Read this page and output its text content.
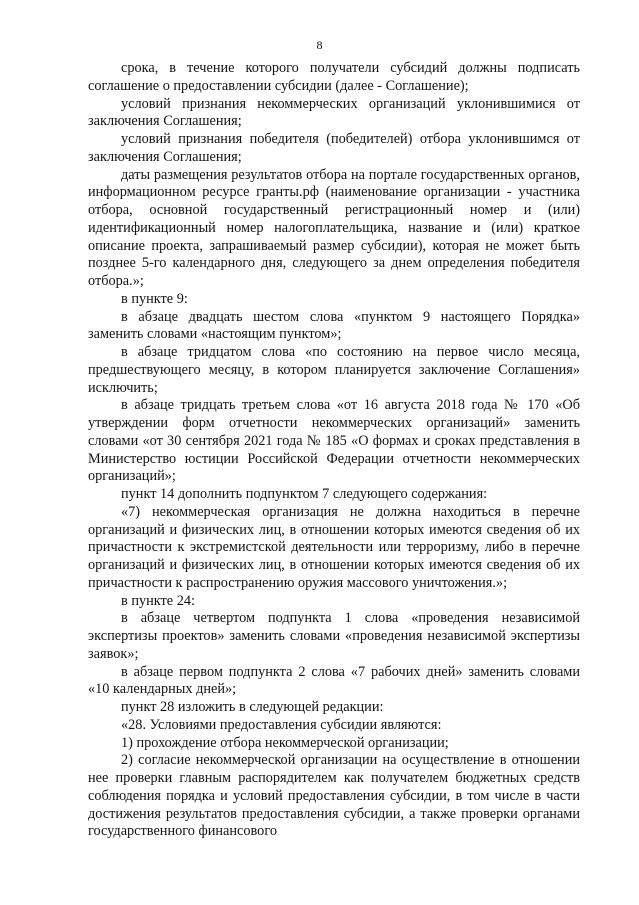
8

срока, в течение которого получатели субсидий должны подписать соглашение о предоставлении субсидии (далее - Соглашение);

условий признания некоммерческих организаций уклонившимися от заключения Соглашения;

условий признания победителя (победителей) отбора уклонившимся от заключения Соглашения;

даты размещения результатов отбора на портале государственных органов, информационном ресурсе гранты.рф (наименование организации - участника отбора, основной государственный регистрационный номер и (или) идентификационный номер налогоплательщика, название и (или) краткое описание проекта, запрашиваемый размер субсидии), которая не может быть позднее 5-го календарного дня, следующего за днем определения победителя отбора.»;

в пункте 9:

в абзаце двадцать шестом слова «пунктом 9 настоящего Порядка» заменить словами «настоящим пунктом»;

в абзаце тридцатом слова «по состоянию на первое число месяца, предшествующего месяцу, в котором планируется заключение Соглашения» исключить;

в абзаце тридцать третьем слова «от 16 августа 2018 года № 170 «Об утверждении форм отчетности некоммерческих организаций» заменить словами «от 30 сентября 2021 года № 185 «О формах и сроках представления в Министерство юстиции Российской Федерации отчетности некоммерческих организаций»;

пункт 14 дополнить подпунктом 7 следующего содержания:

«7) некоммерческая организация не должна находиться в перечне организаций и физических лиц, в отношении которых имеются сведения об их причастности к экстремистской деятельности или терроризму, либо в перечне организаций и физических лиц, в отношении которых имеются сведения об их причастности к распространению оружия массового уничтожения.»;

в пункте 24:

в абзаце четвертом подпункта 1 слова «проведения независимой экспертизы проектов» заменить словами «проведения независимой экспертизы заявок»;

в абзаце первом подпункта 2 слова «7 рабочих дней» заменить словами «10 календарных дней»;

пункт 28 изложить в следующей редакции:

«28. Условиями предоставления субсидии являются:

1) прохождение отбора некоммерческой организации;

2) согласие некоммерческой организации на осуществление в отношении нее проверки главным распорядителем как получателем бюджетных средств соблюдения порядка и условий предоставления субсидии, в том числе в части достижения результатов предоставления субсидии, а также проверки органами государственного финансового
